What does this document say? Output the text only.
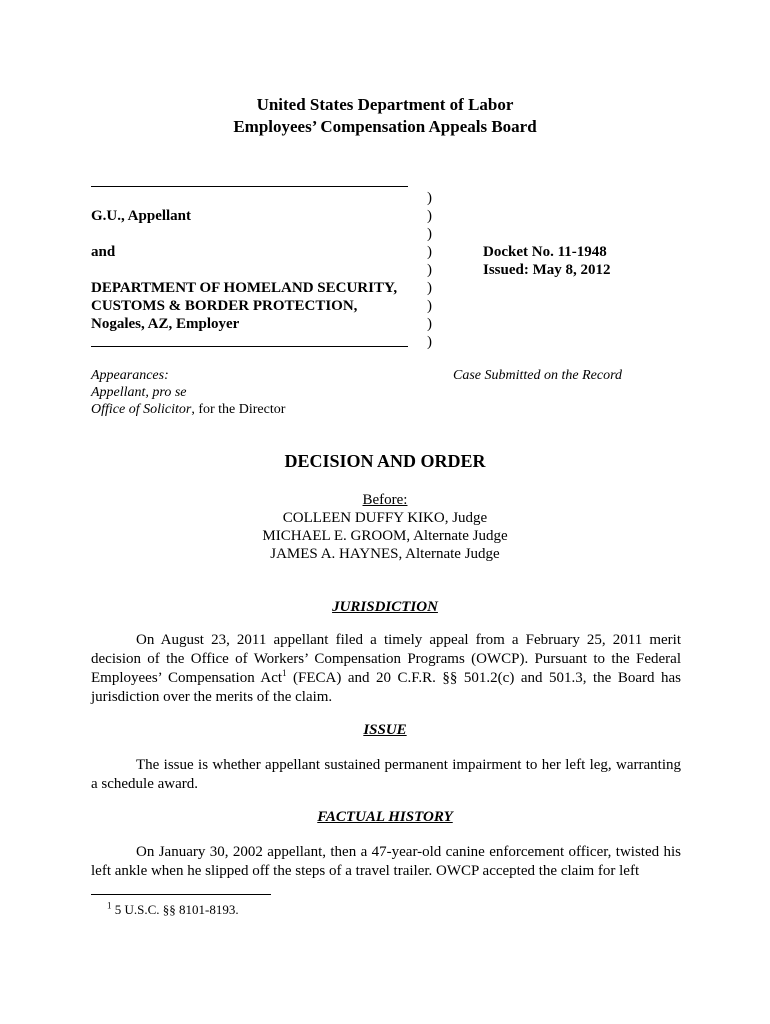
United States Department of Labor
Employees’ Compensation Appeals Board
G.U., Appellant
and
DEPARTMENT OF HOMELAND SECURITY,
CUSTOMS & BORDER PROTECTION,
Nogales, AZ, Employer
)
)
)
)
)
)
)
)
)
Docket No. 11-1948
Issued: May 8, 2012
Appearances:
Appellant, pro se
Office of Solicitor, for the Director
Case Submitted on the Record
DECISION AND ORDER
Before:
COLLEEN DUFFY KIKO, Judge
MICHAEL E. GROOM, Alternate Judge
JAMES A. HAYNES, Alternate Judge
JURISDICTION
On August 23, 2011 appellant filed a timely appeal from a February 25, 2011 merit decision of the Office of Workers’ Compensation Programs (OWCP). Pursuant to the Federal Employees’ Compensation Act$^1$ (FECA) and 20 C.F.R. §§ 501.2(c) and 501.3, the Board has jurisdiction over the merits of the claim.
ISSUE
The issue is whether appellant sustained permanent impairment to her left leg, warranting a schedule award.
FACTUAL HISTORY
On January 30, 2002 appellant, then a 47-year-old canine enforcement officer, twisted his left ankle when he slipped off the steps of a travel trailer. OWCP accepted the claim for left
$^1$ 5 U.S.C. §§ 8101-8193.
